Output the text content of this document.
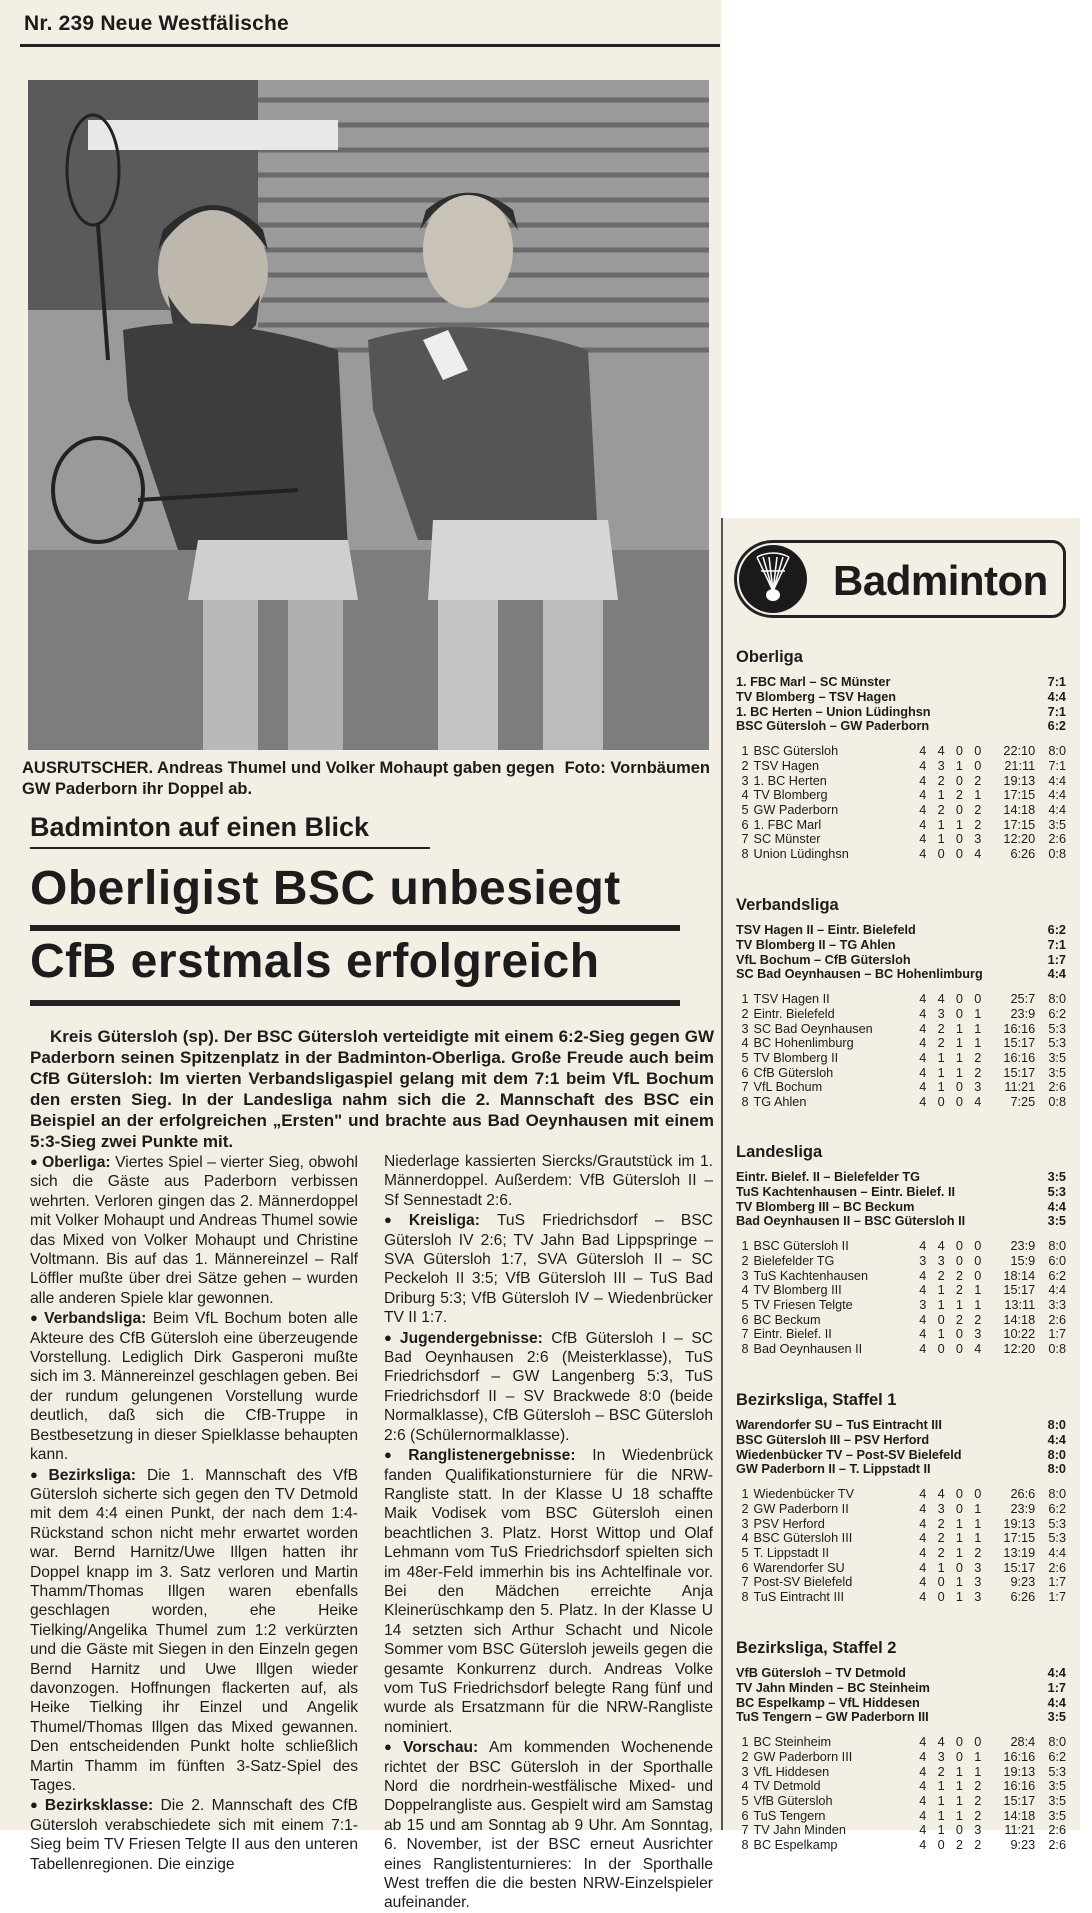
Nr. 239 Neue Westfälische
Foto: Vornbäumen
AUSRUTSCHER. Andreas Thumel und Volker Mohaupt gaben gegen GW Paderborn ihr Doppel ab.
Badminton auf einen Blick
Oberligist BSC unbesiegt
CfB erstmals erfolgreich
Kreis Gütersloh (sp). Der BSC Gütersloh verteidigte mit einem 6:2-Sieg gegen GW Paderborn seinen Spitzenplatz in der Badminton-Oberliga. Große Freude auch beim CfB Gütersloh: Im vierten Verbandsligaspiel gelang mit dem 7:1 beim VfL Bochum den ersten Sieg. In der Landesliga nahm sich die 2. Mannschaft des BSC ein Beispiel an der erfolgreichen „Ersten" und brachte aus Bad Oeynhausen mit einem 5:3-Sieg zwei Punkte mit.

● Oberliga: Viertes Spiel – vierter Sieg, obwohl sich die Gäste aus Paderborn verbissen wehrten. Verloren gingen das 2. Männerdoppel mit Volker Mohaupt und Andreas Thumel sowie das Mixed von Volker Mohaupt und Christine Voltmann. Bis auf das 1. Männereinzel – Ralf Löffler mußte über drei Sätze gehen – wurden alle anderen Spiele klar gewonnen.

● Verbandsliga: Beim VfL Bochum boten alle Akteure des CfB Gütersloh eine überzeugende Vorstellung. Lediglich Dirk Gasperoni mußte sich im 3. Männereinzel geschlagen geben. Bei der rundum gelungenen Vorstellung wurde deutlich, daß sich die CfB-Truppe in Bestbesetzung in dieser Spielklasse behaupten kann.

● Bezirksliga: Die 1. Mannschaft des VfB Gütersloh sicherte sich gegen den TV Detmold mit dem 4:4 einen Punkt, der nach dem 1:4-Rückstand schon nicht mehr erwartet worden war. Bernd Harnitz/Uwe Illgen hatten ihr Doppel knapp im 3. Satz verloren und Martin Thamm/Thomas Illgen waren ebenfalls geschlagen worden, ehe Heike Tielking/Angelika Thumel zum 1:2 verkürzten und die Gäste mit Siegen in den Einzeln gegen Bernd Harnitz und Uwe Illgen wieder davonzogen. Hoffnungen flackerten auf, als Heike Tielking ihr Einzel und Angelik Thumel/Thomas Illgen das Mixed gewannen. Den entscheidenden Punkt holte schließlich Martin Thamm im fünften 3-Satz-Spiel des Tages.

● Bezirksklasse: Die 2. Mannschaft des CfB Gütersloh verabschiedete sich mit einem 7:1-Sieg beim TV Friesen Telgte II aus den unteren Tabellenregionen. Die einzige

Niederlage kassierten Siercks/Grautstück im 1. Männerdoppel. Außerdem: VfB Gütersloh II – Sf Sennestadt 2:6.

● Kreisliga: TuS Friedrichsdorf – BSC Gütersloh IV 2:6; TV Jahn Bad Lippspringe – SVA Gütersloh 1:7, SVA Gütersloh II – SC Peckeloh II 3:5; VfB Gütersloh III – TuS Bad Driburg 5:3; VfB Gütersloh IV – Wiedenbrücker TV II 1:7.

● Jugendergebnisse: CfB Gütersloh I – SC Bad Oeynhausen 2:6 (Meisterklasse), TuS Friedrichsdorf – GW Langenberg 5:3, TuS Friedrichsdorf II – SV Brackwede 8:0 (beide Normalklasse), CfB Gütersloh – BSC Gütersloh 2:6 (Schülernormalklasse).

● Ranglistenergebnisse: In Wiedenbrück fanden Qualifikationsturniere für die NRW-Rangliste statt. In der Klasse U 18 schaffte Maik Vodisek vom BSC Gütersloh einen beachtlichen 3. Platz. Horst Wittop und Olaf Lehmann vom TuS Friedrichsdorf spielten sich im 48er-Feld immerhin bis ins Achtelfinale vor. Bei den Mädchen erreichte Anja Kleinerüschkamp den 5. Platz. In der Klasse U 14 setzten sich Arthur Schacht und Nicole Sommer vom BSC Gütersloh jeweils gegen die gesamte Konkurrenz durch. Andreas Volke vom TuS Friedrichsdorf belegte Rang fünf und wurde als Ersatzmann für die NRW-Rangliste nominiert.

● Vorschau: Am kommenden Wochenende richtet der BSC Gütersloh in der Sporthalle Nord die nordrhein-westfälische Mixed- und Doppelrangliste aus. Gespielt wird am Samstag ab 15 und am Sonntag ab 9 Uhr. Am Sonntag, 6. November, ist der BSC erneut Ausrichter eines Ranglistenturnieres: In der Sporthalle West treffen die die besten NRW-Einzelspieler aufeinander.

Badminton
Oberliga
1. FBC Marl – SC Münster	7:1
TV Blomberg – TSV Hagen	4:4
1. BC Herten – Union Lüdinghsn	7:1
BSC Gütersloh – GW Paderborn	6:2
1 BSC Gütersloh	4 4 0 0	22:10	8:0
2 TSV Hagen	4 3 1 0	21:11	7:1
3 1. BC Herten	4 2 0 2	19:13	4:4
4 TV Blomberg	4 1 2 1	17:15	4:4
5 GW Paderborn	4 2 0 2	14:18	4:4
6 1. FBC Marl	4 1 1 2	17:15	3:5
7 SC Münster	4 1 0 3	12:20	2:6
8 Union Lüdinghsn	4 0 0 4	6:26	0:8
Verbandsliga
TSV Hagen II – Eintr. Bielefeld	6:2
TV Blomberg II – TG Ahlen	7:1
VfL Bochum – CfB Gütersloh	1:7
SC Bad Oeynhausen – BC Hohenlimburg	4:4
1 TSV Hagen II	4 4 0 0	25:7	8:0
2 Eintr. Bielefeld	4 3 0 1	23:9	6:2
3 SC Bad Oeynhausen	4 2 1 1	16:16	5:3
4 BC Hohenlimburg	4 2 1 1	15:17	5:3
5 TV Blomberg II	4 1 1 2	16:16	3:5
6 CfB Gütersloh	4 1 1 2	15:17	3:5
7 VfL Bochum	4 1 0 3	11:21	2:6
8 TG Ahlen	4 0 0 4	7:25	0:8
Landesliga
Eintr. Bielef. II – Bielefelder TG	3:5
TuS Kachtenhausen – Eintr. Bielef. II	5:3
TV Blomberg III – BC Beckum	4:4
Bad Oeynhausen II – BSC Gütersloh II	3:5
1 BSC Gütersloh II	4 4 0 0	23:9	8:0
2 Bielefelder TG	3 3 0 0	15:9	6:0
3 TuS Kachtenhausen	4 2 2 0	18:14	6:2
4 TV Blomberg III	4 1 2 1	15:17	4:4
5 TV Friesen Telgte	3 1 1 1	13:11	3:3
6 BC Beckum	4 0 2 2	14:18	2:6
7 Eintr. Bielef. II	4 1 0 3	10:22	1:7
8 Bad Oeynhausen II	4 0 0 4	12:20	0:8
Bezirksliga, Staffel 1
Warendorfer SU – TuS Eintracht III	8:0
BSC Gütersloh III – PSV Herford	4:4
Wiedenbücker TV – Post-SV Bielefeld	8:0
GW Paderborn II – T. Lippstadt II	8:0
1 Wiedenbücker TV	4 4 0 0	26:6	8:0
2 GW Paderborn II	4 3 0 1	23:9	6:2
3 PSV Herford	4 2 1 1	19:13	5:3
4 BSC Gütersloh III	4 2 1 1	17:15	5:3
5 T. Lippstadt II	4 2 1 2	13:19	4:4
6 Warendorfer SU	4 1 0 3	15:17	2:6
7 Post-SV Bielefeld	4 0 1 3	9:23	1:7
8 TuS Eintracht III	4 0 1 3	6:26	1:7
Bezirksliga, Staffel 2
VfB Gütersloh – TV Detmold	4:4
TV Jahn Minden – BC Steinheim	1:7
BC Espelkamp – VfL Hiddesen	4:4
TuS Tengern – GW Paderborn III	3:5
1 BC Steinheim	4 4 0 0	28:4	8:0
2 GW Paderborn III	4 3 0 1	16:16	6:2
3 VfL Hiddesen	4 2 1 1	19:13	5:3
4 TV Detmold	4 1 1 2	16:16	3:5
5 VfB Gütersloh	4 1 1 2	15:17	3:5
6 TuS Tengern	4 1 1 2	14:18	3:5
7 TV Jahn Minden	4 1 0 3	11:21	2:6
8 BC Espelkamp	4 0 2 2	9:23	2:6
